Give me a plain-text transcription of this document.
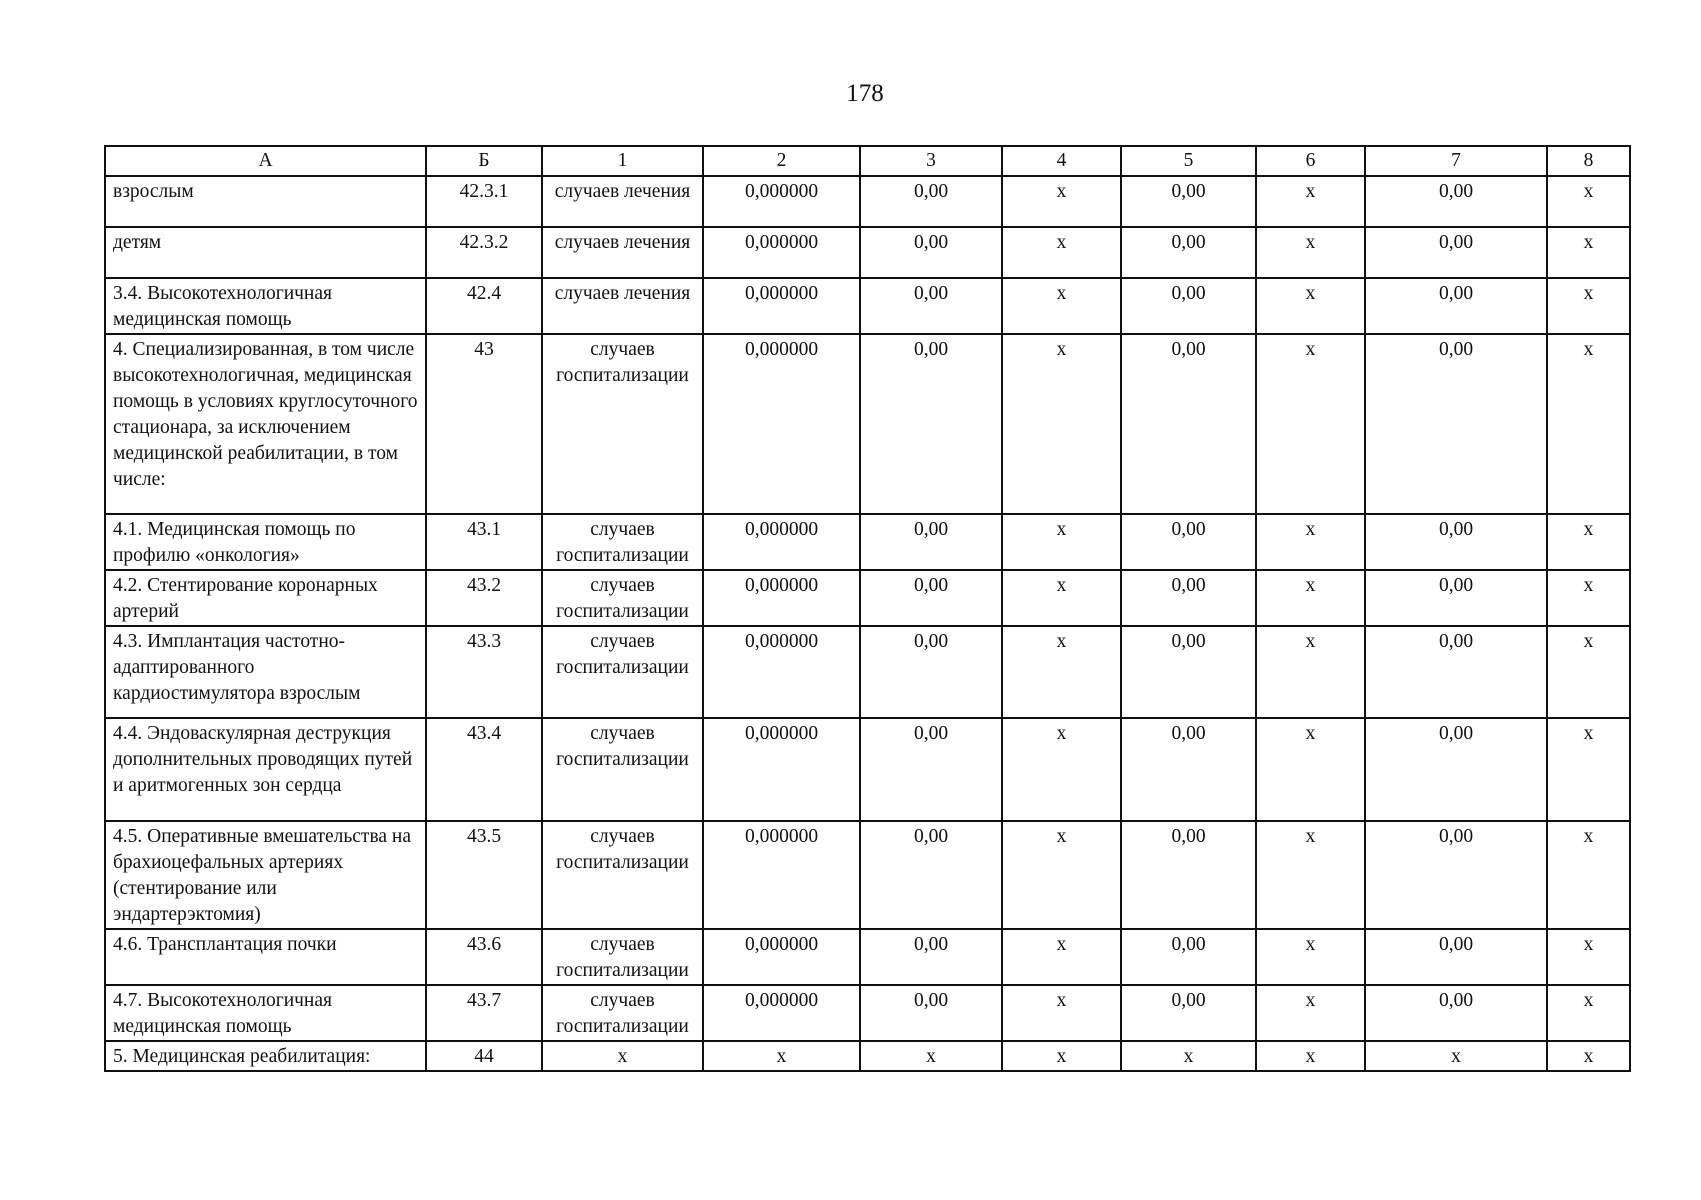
178
А	Б	1	2	3	4	5	6	7	8
взрослым	42.3.1	случаев лечения	0,000000	0,00	х	0,00	х	0,00	х
детям	42.3.2	случаев лечения	0,000000	0,00	х	0,00	х	0,00	х
3.4. Высокотехнологичная медицинская помощь	42.4	случаев лечения	0,000000	0,00	х	0,00	х	0,00	х
4. Специализированная, в том числе высокотехнологичная, медицинская помощь в условиях круглосуточного стационара, за исключением медицинской реабилитации, в том числе:	43	случаев госпитализации	0,000000	0,00	х	0,00	х	0,00	х
4.1. Медицинская помощь по профилю «онкология»	43.1	случаев госпитализации	0,000000	0,00	х	0,00	х	0,00	х
4.2. Стентирование коронарных артерий	43.2	случаев госпитализации	0,000000	0,00	х	0,00	х	0,00	х
4.3. Имплантация частотно-адаптированного кардиостимулятора взрослым	43.3	случаев госпитализации	0,000000	0,00	х	0,00	х	0,00	х
4.4. Эндоваскулярная деструкция дополнительных проводящих путей и аритмогенных зон сердца	43.4	случаев госпитализации	0,000000	0,00	х	0,00	х	0,00	х
4.5. Оперативные вмешательства на брахиоцефальных артериях (стентирование или эндартерэктомия)	43.5	случаев госпитализации	0,000000	0,00	х	0,00	х	0,00	х
4.6. Трансплантация почки	43.6	случаев госпитализации	0,000000	0,00	х	0,00	х	0,00	х
4.7. Высокотехнологичная медицинская помощь	43.7	случаев госпитализации	0,000000	0,00	х	0,00	х	0,00	х
5. Медицинская реабилитация:	44	х	х	х	х	х	х	х	х
